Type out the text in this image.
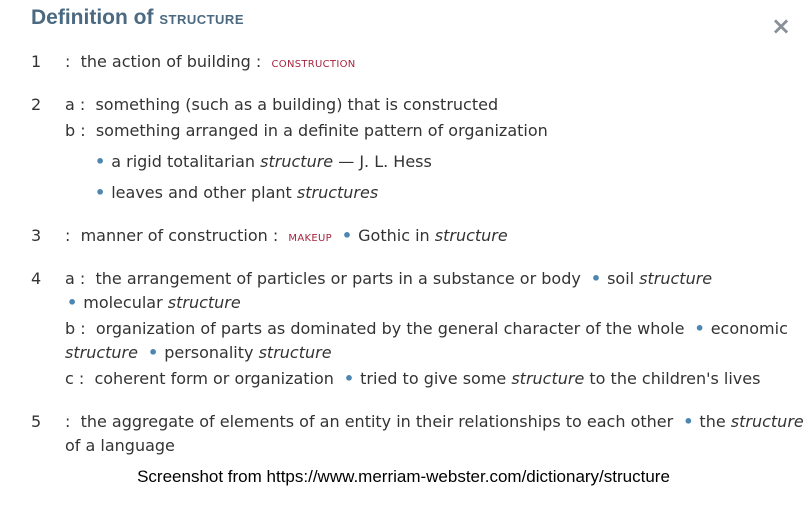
Definition of structure	×
1 : the action of building : construction
2 a : something (such as a building) that is constructed
b : something arranged in a definite pattern of organization
• a rigid totalitarian structure — J. L. Hess
• leaves and other plant structures
3 : manner of construction : makeup • Gothic in structure
4 a : the arrangement of particles or parts in a substance or body • soil structure
• molecular structure
b : organization of parts as dominated by the general character of the whole • economic
structure • personality structure
c : coherent form or organization • tried to give some structure to the children's lives
5 : the aggregate of elements of an entity in their relationships to each other • the structure
of a language
Screenshot from https://www.merriam-webster.com/dictionary/structure
